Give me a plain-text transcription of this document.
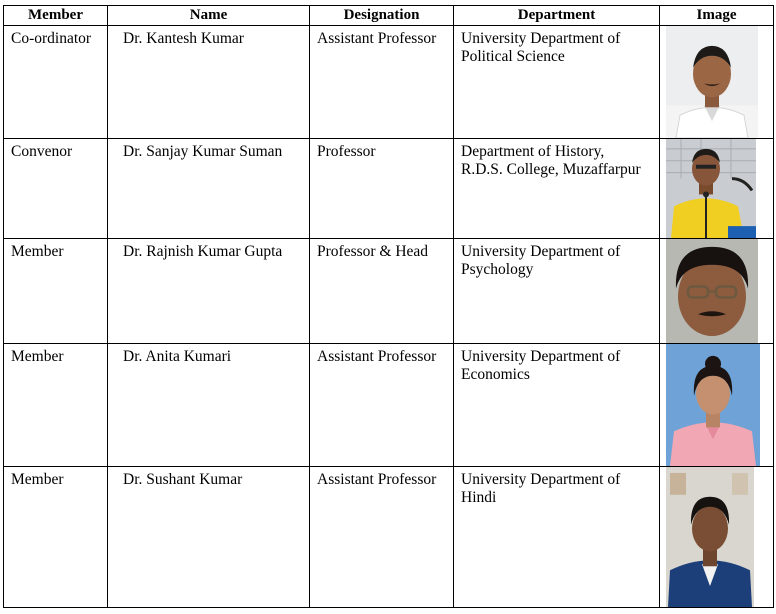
Member	Name	Designation	Department	Image
Co-ordinator	Dr. Kantesh Kumar	Assistant Professor	University Department of
Political Science

Convenor	Dr. Sanjay Kumar Suman	Professor	Department of History,
R.D.S. College, Muzaffarpur

Member	Dr. Rajnish Kumar Gupta	Professor & Head	University Department of
Psychology

Member	Dr. Anita Kumari	Assistant Professor	University Department of
Economics

Member	Dr. Sushant Kumar	Assistant Professor	University Department of
Hindi
